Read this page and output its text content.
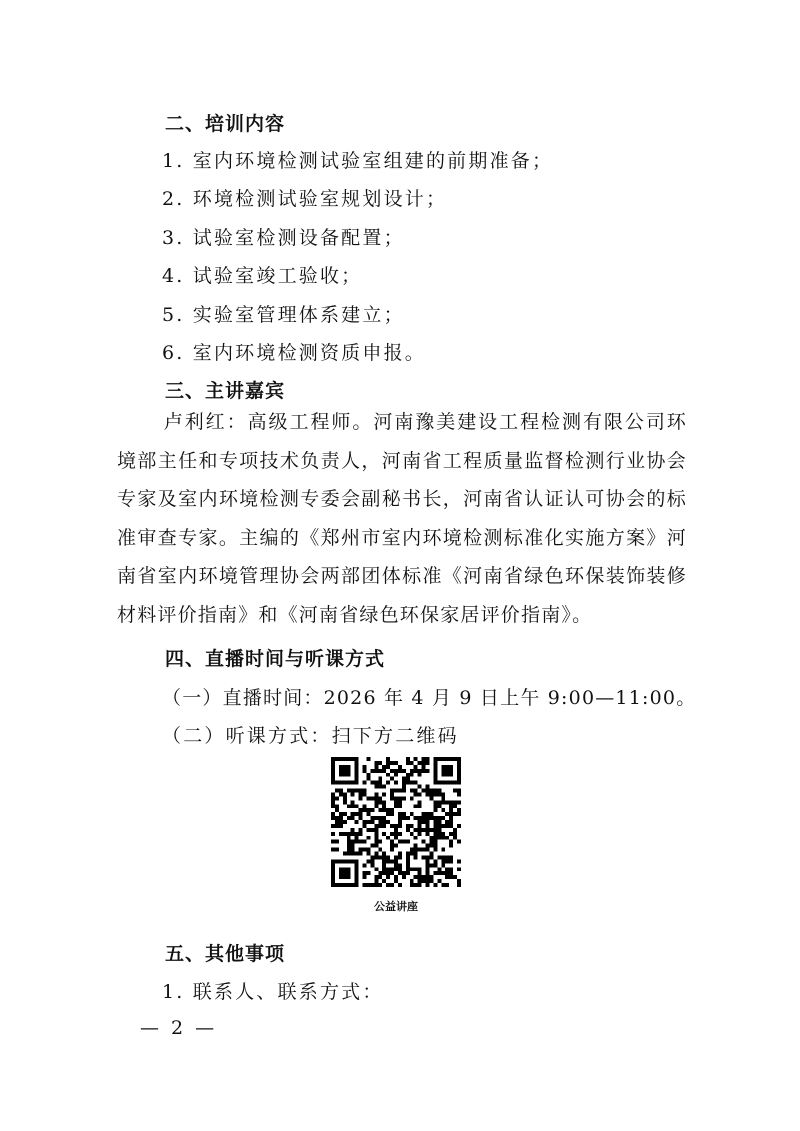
二、培训内容
1. 室内环境检测试验室组建的前期准备；
2. 环境检测试验室规划设计；
3. 试验室检测设备配置；
4. 试验室竣工验收；
5. 实验室管理体系建立；
6. 室内环境检测资质申报。
三、主讲嘉宾
卢利红：高级工程师。河南豫美建设工程检测有限公司环境部主任和专项技术负责人，河南省工程质量监督检测行业协会专家及室内环境检测专委会副秘书长，河南省认证认可协会的标准审查专家。主编的《郑州市室内环境检测标准化实施方案》河南省室内环境管理协会两部团体标准《河南省绿色环保装饰装修材料评价指南》和《河南省绿色环保家居评价指南》。
四、直播时间与听课方式
（一）直播时间：2026 年 4 月 9 日上午 9:00—11:00。
（二）听课方式：扫下方二维码
公益讲座
五、其他事项
1. 联系人、联系方式：
— 2 —
